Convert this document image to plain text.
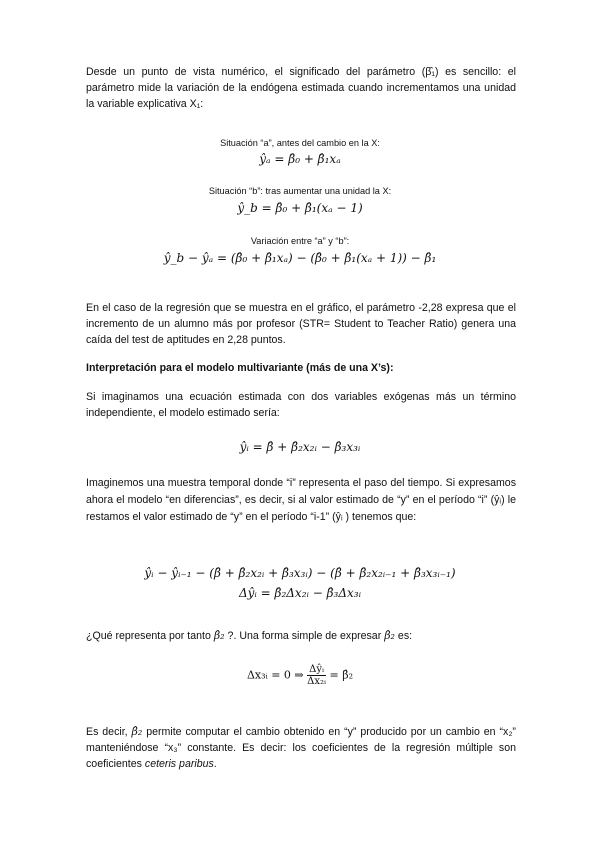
Desde un punto de vista numérico, el significado del parámetro (β̂₁) es sencillo: el parámetro mide la variación de la endógena estimada cuando incrementamos una unidad la variable explicativa X₁:

Situación “a”, antes del cambio en la X:

ŷₐ = β̂₀ + β̂₁xₐ

Situación “b”: tras aumentar una unidad la X:

ŷ_b = β̂₀ + β̂₁(xₐ − 1)

Variación entre “a” y “b”:

ŷ_b − ŷₐ = (β̂₀ + β̂₁xₐ) − (β̂₀ + β̂₁(xₐ + 1)) − β̂₁

En el caso de la regresión que se muestra en el gráfico, el parámetro -2,28 expresa que el incremento de un alumno más por profesor (STR= Student to Teacher Ratio) genera una caída del test de aptitudes en 2,28 puntos.

Interpretación para el modelo multivariante (más de una X’s):

Si imaginamos una ecuación estimada con dos variables exógenas más un término independiente, el modelo estimado sería:

ŷᵢ = β̂ + β̂₂x₂ᵢ − β̂₃x₃ᵢ

Imaginemos una muestra temporal donde “i” representa el paso del tiempo. Si expresamos ahora el modelo “en diferencias”, es decir, si al valor estimado de “y” en el período “i” (ŷᵢ) le restamos el valor estimado de “y” en el período “i-1” (ŷᵢ ) tenemos que:

ŷᵢ − ŷᵢ₋₁ − (β̂ + β̂₂x₂ᵢ + β̂₃x₃ᵢ) − (β̂ + β̂₂x₂ᵢ₋₁ + β̂₃x₃ᵢ₋₁)

Δŷᵢ = β̂₂Δx₂ᵢ − β̂₃Δx₃ᵢ

¿Qué representa por tanto β̂₂ ?. Una forma simple de expresar β̂₂ es:

Δx₃ᵢ = 0 ⇒ $\frac{\text{Δŷᵢ}}{\text{Δx₂ᵢ}}$ = β̂₂

Es decir, β̂₂ permite computar el cambio obtenido en “y” producido por un cambio en “x₂” manteniéndose “x₃” constante. Es decir: los coeficientes de la regresión múltiple son coeficientes ceteris paribus.
